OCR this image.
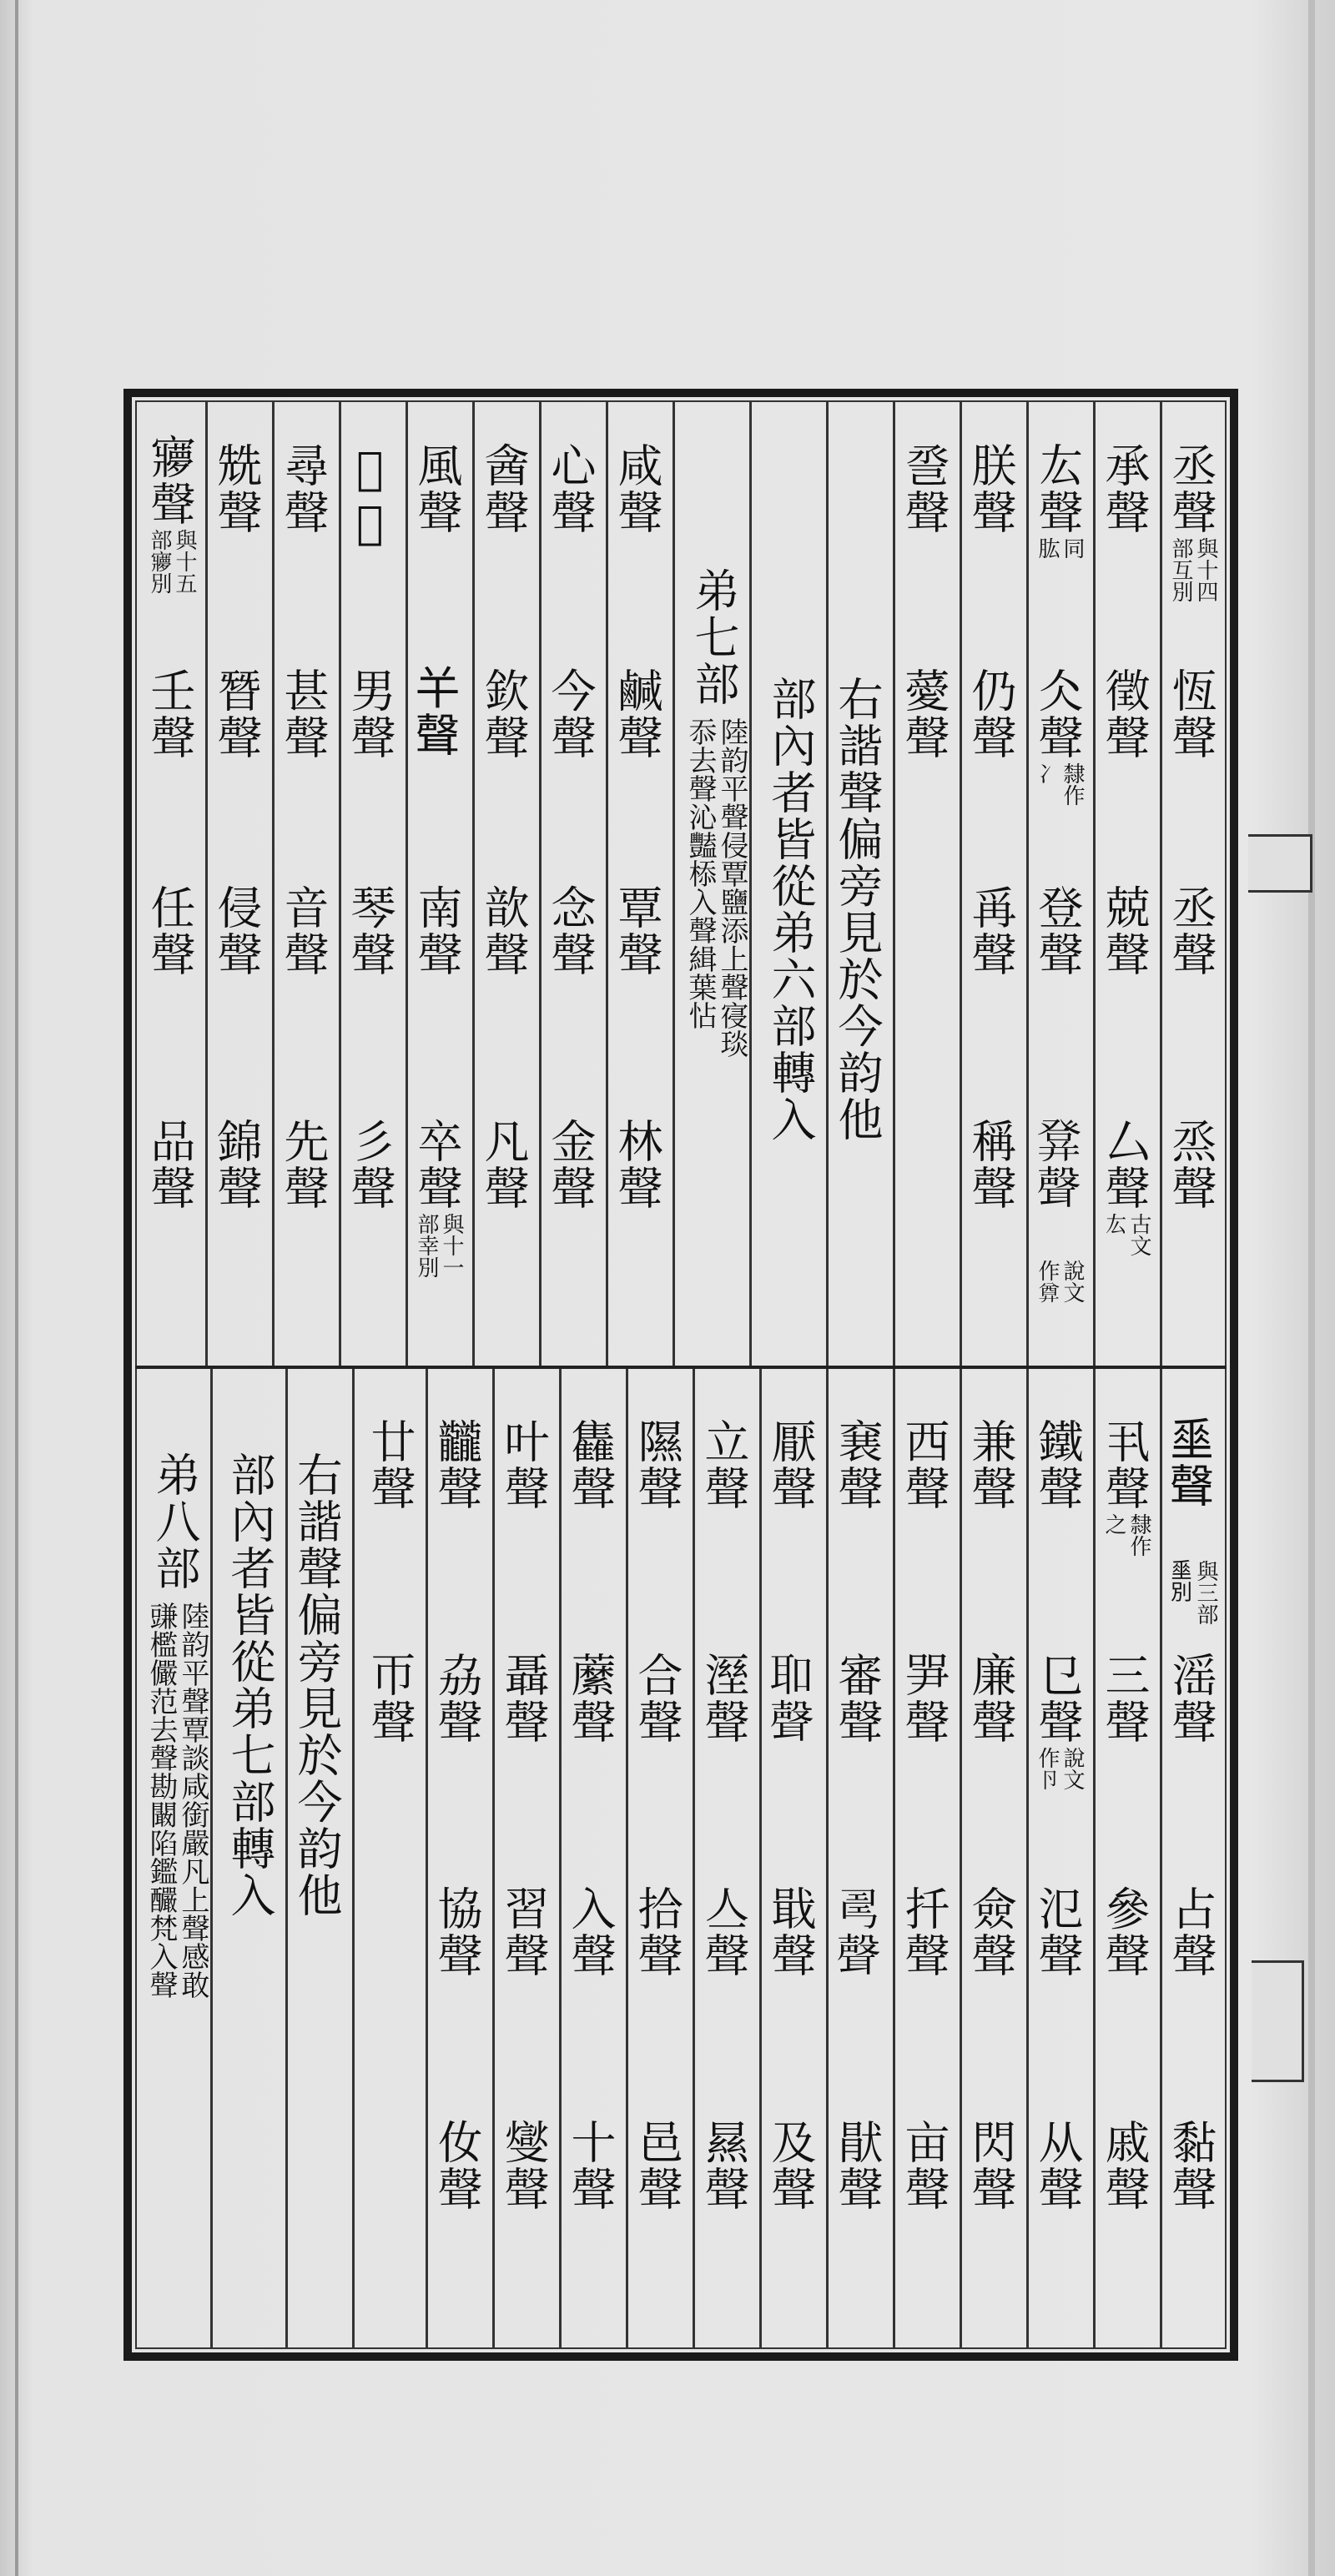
丞聲
與十四
部互別
恆聲
丞聲
烝聲
承聲
徵聲
兢聲
厶聲
古文
厷
厷聲
同
肱
仌聲
隸作
冫
登聲
𤼷聲
說文
作𢍜
朕聲
仍聲
爯聲
稱聲
巹聲
薆聲
右諧聲偏旁見於今韵他
部內者皆從弟六部轉入
弟七部
陸韵平聲侵覃鹽添上聲寑琰
忝去聲沁豔㮇入聲緝葉怗
咸聲
鹹聲
覃聲
林聲
心聲
今聲
念聲
金聲
酓聲
欽聲
歆聲
凡聲
風聲
𢆉聲
南聲
卒聲
與十一
部幸別
𦎫聲
男聲
琴聲
彡聲
尋聲
甚聲
音聲
先聲
兟聲
朁聲
侵聲
錦聲
㝱聲
與十五
部㝱別
壬聲
任聲
品聲
𡍮聲
與三部
𡍮別
滛聲
占聲
黏聲
丮聲
隸作
之
三聲
參聲
戚聲
鐵聲
㔾聲
說文
作卪
氾聲
从聲
兼聲
廉聲
僉聲
閃聲
西聲
㖐聲
扦聲
亩聲
㐮聲
審聲
𢏚聲
猒聲
厭聲
𦔻聲
戢聲
及聲
立聲
溼聲
亼聲
㬎聲
隰聲
合聲
拾聲
邑聲
雥聲
䕷聲
入聲
十聲
叶聲
聶聲
習聲
燮聲
龖聲
劦聲
協聲
㚢聲
廿聲
帀聲
右諧聲偏旁見於今韵他
部內者皆從弟七部轉入
弟八部
陸韵平聲覃談咸銜嚴凡上聲感敢
豏檻儼范去聲勘闞陷鑑釅梵入聲
